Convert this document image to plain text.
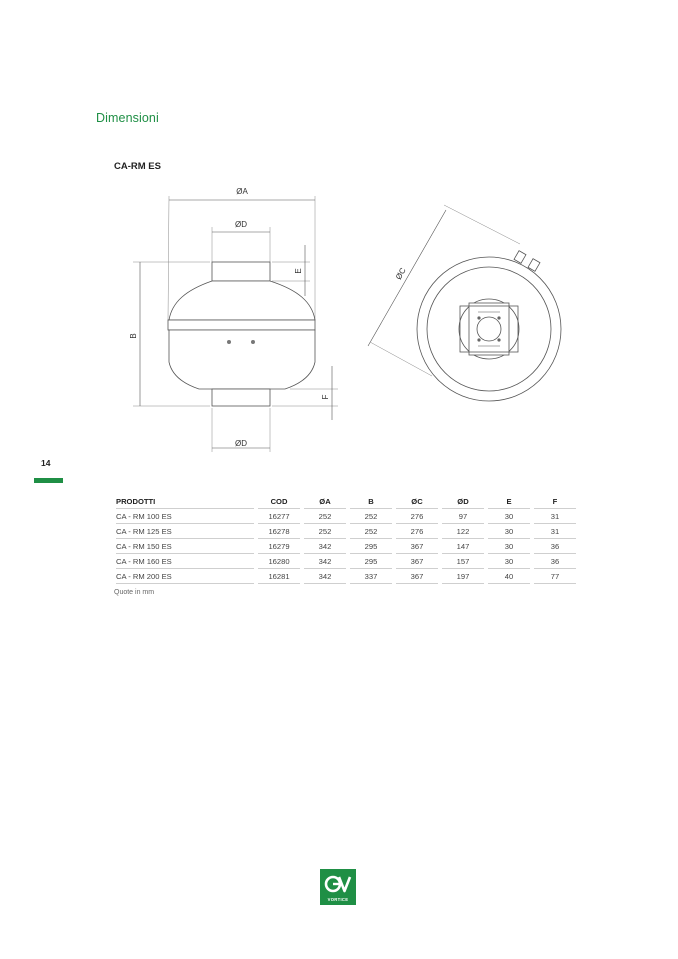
Dimensioni
CA-RM ES
ØA
ØD
ØD
B
E
F
ØC
14
PRODOTTI	COD	ØA	B	ØC	ØD	E	F
CA - RM 100 ES	16277	252	252	276	97	30	31
CA - RM 125 ES	16278	252	252	276	122	30	31
CA - RM 150 ES	16279	342	295	367	147	30	36
CA - RM 160 ES	16280	342	295	367	157	30	36
CA - RM 200 ES	16281	342	337	367	197	40	77
Quote in mm
VORTICE
